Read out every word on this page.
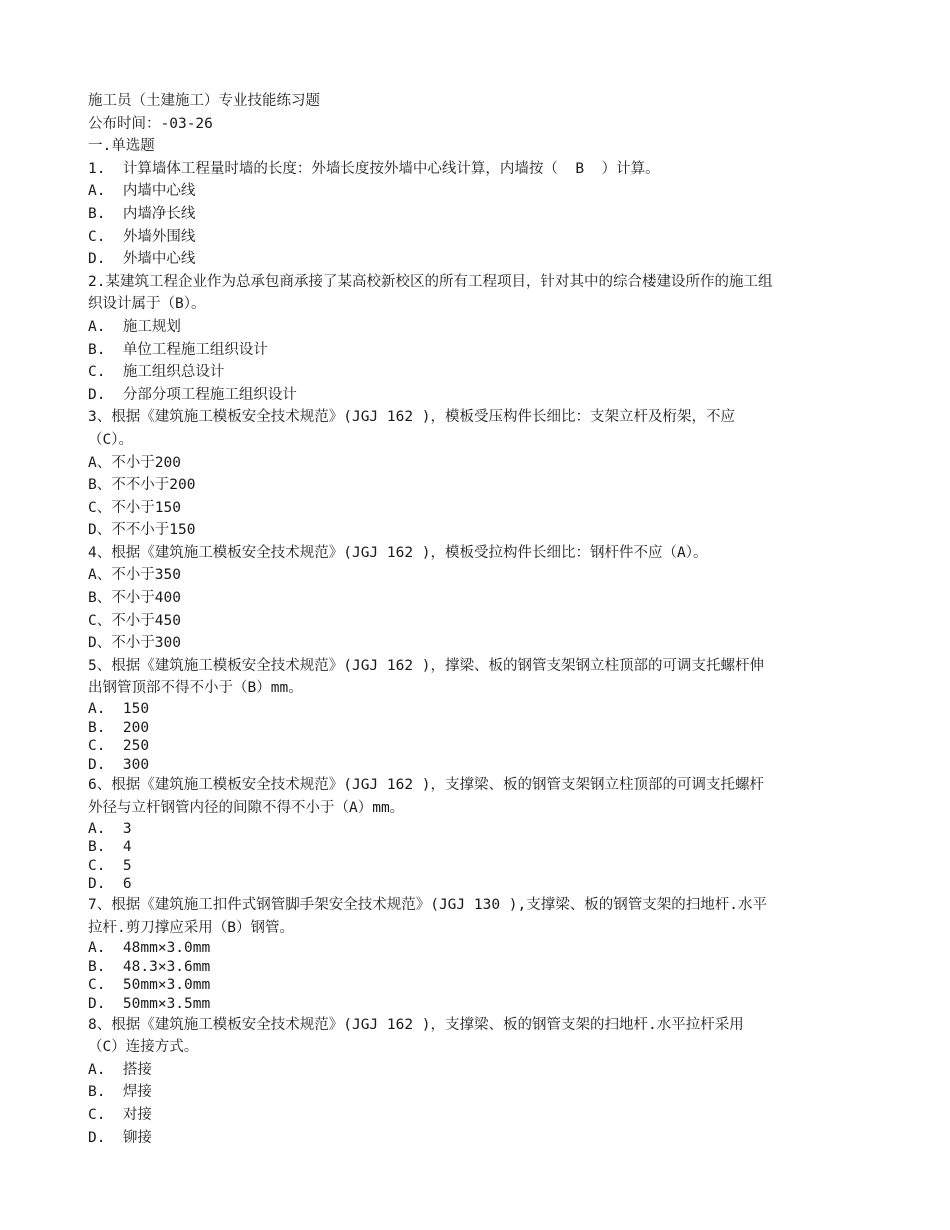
施工员（土建施工）专业技能练习题
公布时间：-03-26
一.单选题
1.  计算墙体工程量时墙的长度：外墙长度按外墙中心线计算，内墙按（  B  ）计算。
A.  内墙中心线
B.  内墙净长线
C.  外墙外围线
D.  外墙中心线
2.某建筑工程企业作为总承包商承接了某高校新校区的所有工程项目，针对其中的综合楼建设所作的施工组
织设计属于（B）。
A.  施工规划
B.  单位工程施工组织设计
C.  施工组织总设计
D.  分部分项工程施工组织设计
3、根据《建筑施工模板安全技术规范》(JGJ 162 )，模板受压构件长细比：支架立杆及桁架，不应
（C）。
A、不小于200
B、不不小于200
C、不小于150
D、不不小于150
4、根据《建筑施工模板安全技术规范》(JGJ 162 )，模板受拉构件长细比：钢杆件不应（A）。
A、不小于350
B、不小于400
C、不小于450
D、不小于300
5、根据《建筑施工模板安全技术规范》(JGJ 162 )，撑梁、板的钢管支架钢立柱顶部的可调支托螺杆伸
出钢管顶部不得不小于（B）mm。
A.  150
B.  200
C.  250
D.  300
6、根据《建筑施工模板安全技术规范》(JGJ 162 )，支撑梁、板的钢管支架钢立柱顶部的可调支托螺杆
外径与立杆钢管内径的间隙不得不小于（A）mm。
A.  3
B.  4
C.  5
D.  6
7、根据《建筑施工扣件式钢管脚手架安全技术规范》(JGJ 130 ),支撑梁、板的钢管支架的扫地杆.水平
拉杆.剪刀撑应采用（B）钢管。
A.  48mm×3.0mm
B.  48.3×3.6mm
C.  50mm×3.0mm
D.  50mm×3.5mm
8、根据《建筑施工模板安全技术规范》(JGJ 162 )，支撑梁、板的钢管支架的扫地杆.水平拉杆采用
（C）连接方式。
A.  搭接
B.  焊接
C.  对接
D.  铆接
